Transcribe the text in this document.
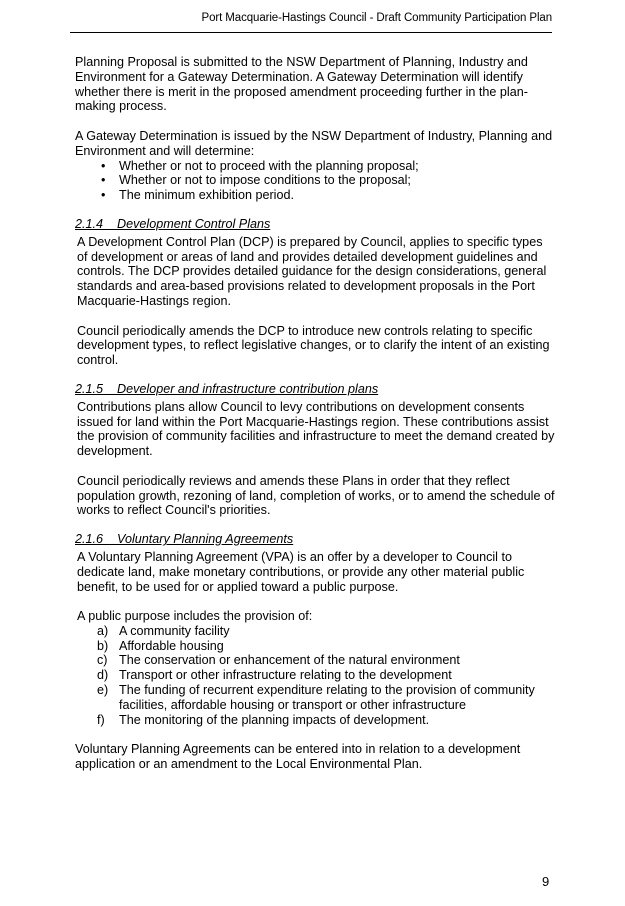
Port Macquarie-Hastings Council - Draft Community Participation Plan

Planning Proposal is submitted to the NSW Department of Planning, Industry and Environment for a Gateway Determination. A Gateway Determination will identify whether there is merit in the proposed amendment proceeding further in the plan-making process.

A Gateway Determination is issued by the NSW Department of Industry, Planning and Environment and will determine:

• Whether or not to proceed with the planning proposal;
• Whether or not to impose conditions to the proposal;
• The minimum exhibition period.
2.1.4    Development Control Plans

A Development Control Plan (DCP) is prepared by Council, applies to specific types of development or areas of land and provides detailed development guidelines and controls. The DCP provides detailed guidance for the design considerations, general standards and area-based provisions related to development proposals in the Port Macquarie-Hastings region.

Council periodically amends the DCP to introduce new controls relating to specific development types, to reflect legislative changes, or to clarify the intent of an existing control.

2.1.5    Developer and infrastructure contribution plans

Contributions plans allow Council to levy contributions on development consents issued for land within the Port Macquarie-Hastings region. These contributions assist the provision of community facilities and infrastructure to meet the demand created by development.

Council periodically reviews and amends these Plans in order that they reflect population growth, rezoning of land, completion of works, or to amend the schedule of works to reflect Council's priorities.

2.1.6    Voluntary Planning Agreements

A Voluntary Planning Agreement (VPA) is an offer by a developer to Council to dedicate land, make monetary contributions, or provide any other material public benefit, to be used for or applied toward a public purpose.

A public purpose includes the provision of:

a) A community facility
b) Affordable housing
c) The conservation or enhancement of the natural environment
d) Transport or other infrastructure relating to the development
e) The funding of recurrent expenditure relating to the provision of community facilities, affordable housing or transport or other infrastructure
f) The monitoring of the planning impacts of development.

Voluntary Planning Agreements can be entered into in relation to a development application or an amendment to the Local Environmental Plan.

9
